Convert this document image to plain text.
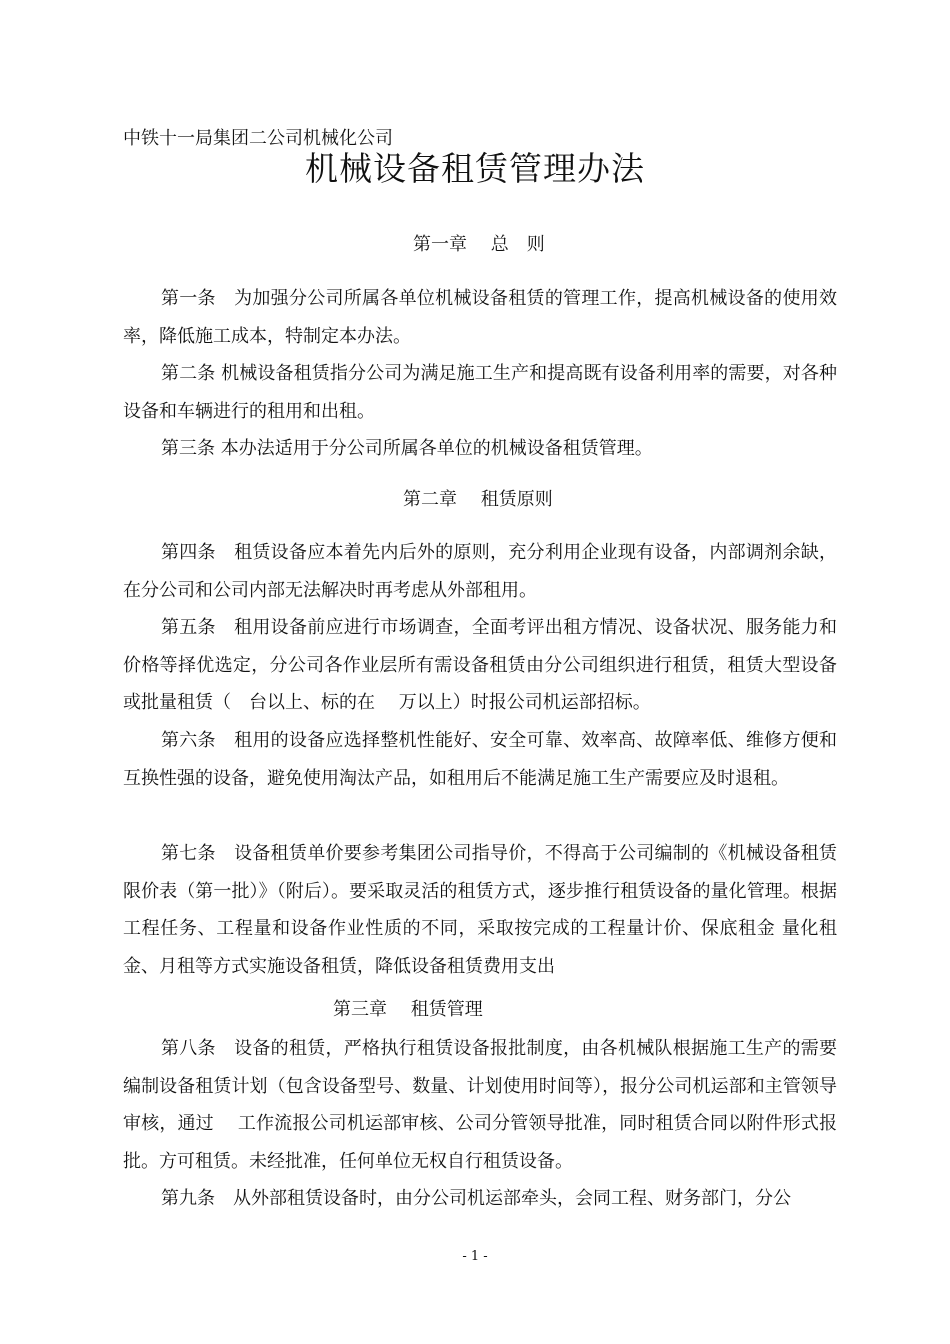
中铁十一局集团二公司机械化公司
机械设备租赁管理办法
第一章　 总　则

第一条　为加强分公司所属各单位机械设备租赁的管理工作，提高机械设备的使用效率，降低施工成本，特制定本办法。

第二条 机械设备租赁指分公司为满足施工生产和提高既有设备利用率的需要，对各种设备和车辆进行的租用和出租。

第三条 本办法适用于分公司所属各单位的机械设备租赁管理。

第二章　 租赁原则

第四条　租赁设备应本着先内后外的原则，充分利用企业现有设备，内部调剂余缺，在分公司和公司内部无法解决时再考虑从外部租用。

第五条　租用设备前应进行市场调查，全面考评出租方情况、设备状况、服务能力和价格等择优选定，分公司各作业层所有需设备租赁由分公司组织进行租赁，租赁大型设备或批量租赁（　台以上、标的在　 万以上）时报公司机运部招标。

第六条　租用的设备应选择整机性能好、安全可靠、效率高、故障率低、维修方便和互换性强的设备，避免使用淘汰产品，如租用后不能满足施工生产需要应及时退租。

第七条　设备租赁单价要参考集团公司指导价，不得高于公司编制的《机械设备租赁限价表（第一批）》（附后）。要采取灵活的租赁方式，逐步推行租赁设备的量化管理。根据工程任务、工程量和设备作业性质的不同，采取按完成的工程量计价、保底租金 量化租金、月租等方式实施设备租赁，降低设备租赁费用支出

第三章　 租赁管理

第八条　设备的租赁，严格执行租赁设备报批制度，由各机械队根据施工生产的需要编制设备租赁计划（包含设备型号、数量、计划使用时间等），报分公司机运部和主管领导审核，通过　 工作流报公司机运部审核、公司分管领导批准，同时租赁合同以附件形式报批。方可租赁。未经批准，任何单位无权自行租赁设备。

第九条　从外部租赁设备时，由分公司机运部牵头，会同工程、财务部门，分公

- 1 -
